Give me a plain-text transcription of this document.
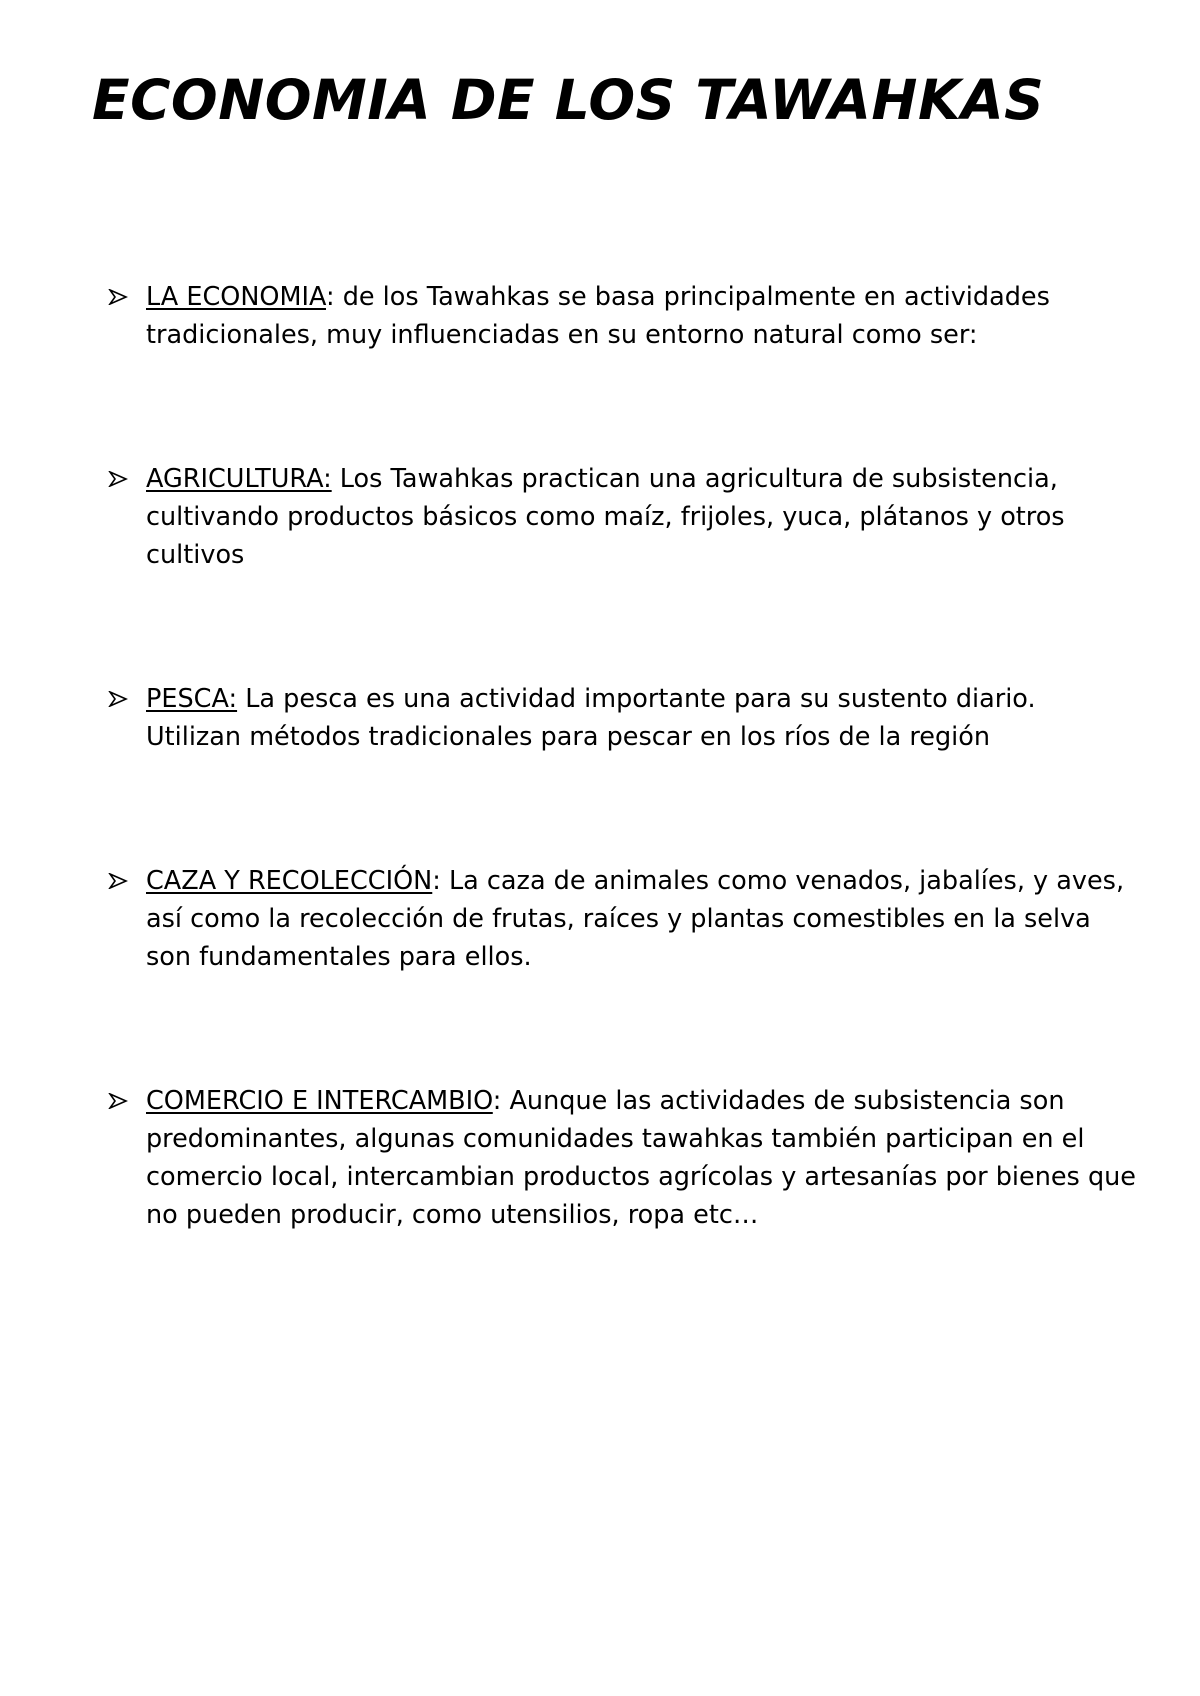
ECONOMIA DE LOS TAWAHKAS
LA ECONOMIA: de los Tawahkas se basa principalmente en actividades tradicionales, muy influenciadas en su entorno natural como ser:
AGRICULTURA: Los Tawahkas practican una agricultura de subsistencia, cultivando productos básicos como maíz, frijoles, yuca, plátanos y otros cultivos
PESCA: La pesca es una actividad importante para su sustento diario. Utilizan métodos tradicionales para pescar en los ríos de la región
CAZA Y RECOLECCIÓN: La caza de animales como venados, jabalíes, y aves, así como la recolección de frutas, raíces y plantas comestibles en la selva son fundamentales para ellos.
COMERCIO E INTERCAMBIO: Aunque las actividades de subsistencia son predominantes, algunas comunidades tawahkas también participan en el comercio local, intercambian productos agrícolas y artesanías por bienes que no pueden producir, como utensilios, ropa etc…
